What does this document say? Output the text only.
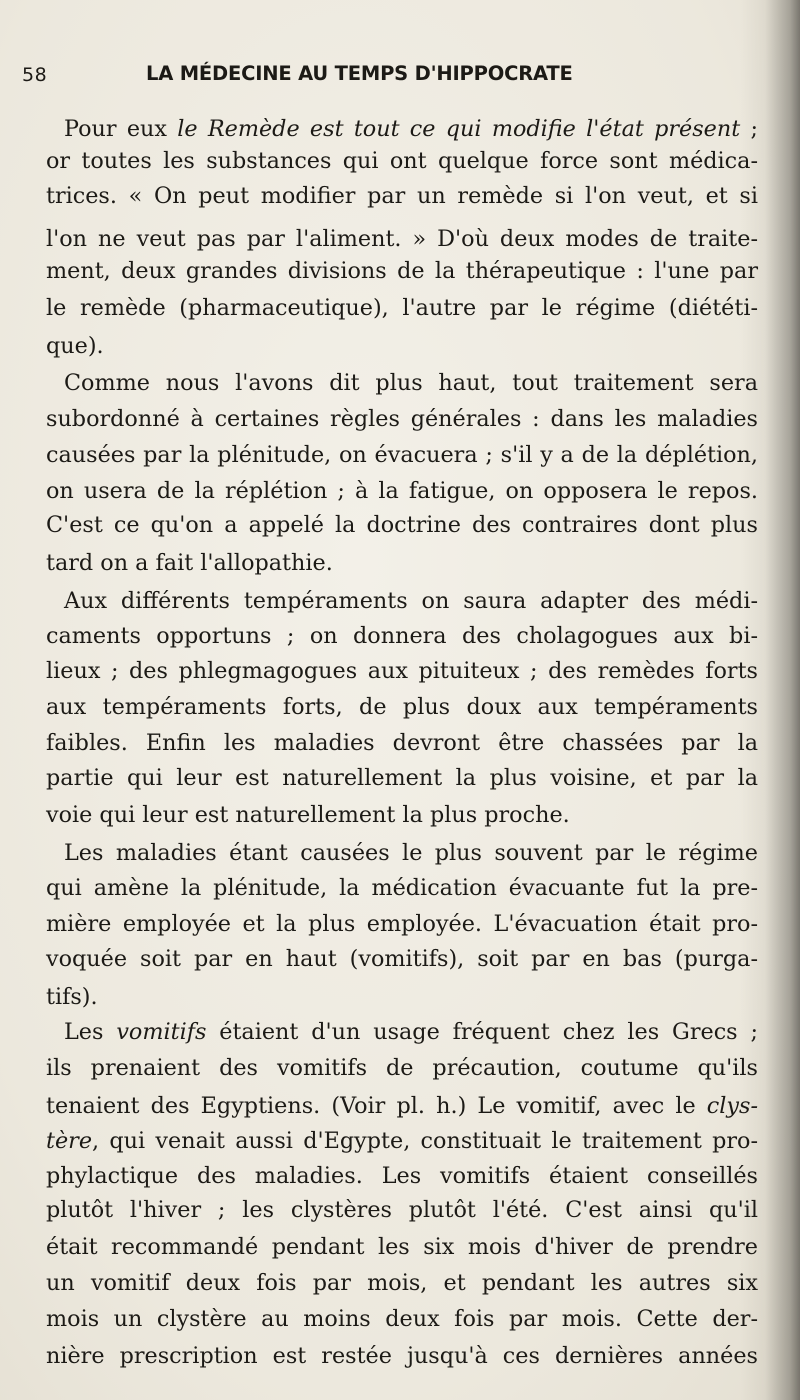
58	LA MÉDECINE AU TEMPS D'HIPPOCRATE
Pour eux le Remède est tout ce qui modifie l'état présent ;
or toutes les substances qui ont quelque force sont médica-
trices. « On peut modifier par un remède si l'on veut, et si
l'on ne veut pas par l'aliment. » D'où deux modes de traite-
ment, deux grandes divisions de la thérapeutique : l'une par
le remède (pharmaceutique), l'autre par le régime (diététi-
que).
Comme nous l'avons dit plus haut, tout traitement sera
subordonné à certaines règles générales : dans les maladies
causées par la plénitude, on évacuera ; s'il y a de la déplétion,
on usera de la réplétion ; à la fatigue, on opposera le repos.
C'est ce qu'on a appelé la doctrine des contraires dont plus
tard on a fait l'allopathie.
Aux différents tempéraments on saura adapter des médi-
caments opportuns ; on donnera des cholagogues aux bi-
lieux ; des phlegmagogues aux pituiteux ; des remèdes forts
aux tempéraments forts, de plus doux aux tempéraments
faibles. Enfin les maladies devront être chassées par la
partie qui leur est naturellement la plus voisine, et par la
voie qui leur est naturellement la plus proche.
Les maladies étant causées le plus souvent par le régime
qui amène la plénitude, la médication évacuante fut la pre-
mière employée et la plus employée. L'évacuation était pro-
voquée soit par en haut (vomitifs), soit par en bas (purga-
tifs).
Les vomitifs étaient d'un usage fréquent chez les Grecs ;
ils prenaient des vomitifs de précaution, coutume qu'ils
tenaient des Egyptiens. (Voir pl. h.) Le vomitif, avec le clys-
tère, qui venait aussi d'Egypte, constituait le traitement pro-
phylactique des maladies. Les vomitifs étaient conseillés
plutôt l'hiver ; les clystères plutôt l'été. C'est ainsi qu'il
était recommandé pendant les six mois d'hiver de prendre
un vomitif deux fois par mois, et pendant les autres six
mois un clystère au moins deux fois par mois. Cette der-
nière prescription est restée jusqu'à ces dernières années
